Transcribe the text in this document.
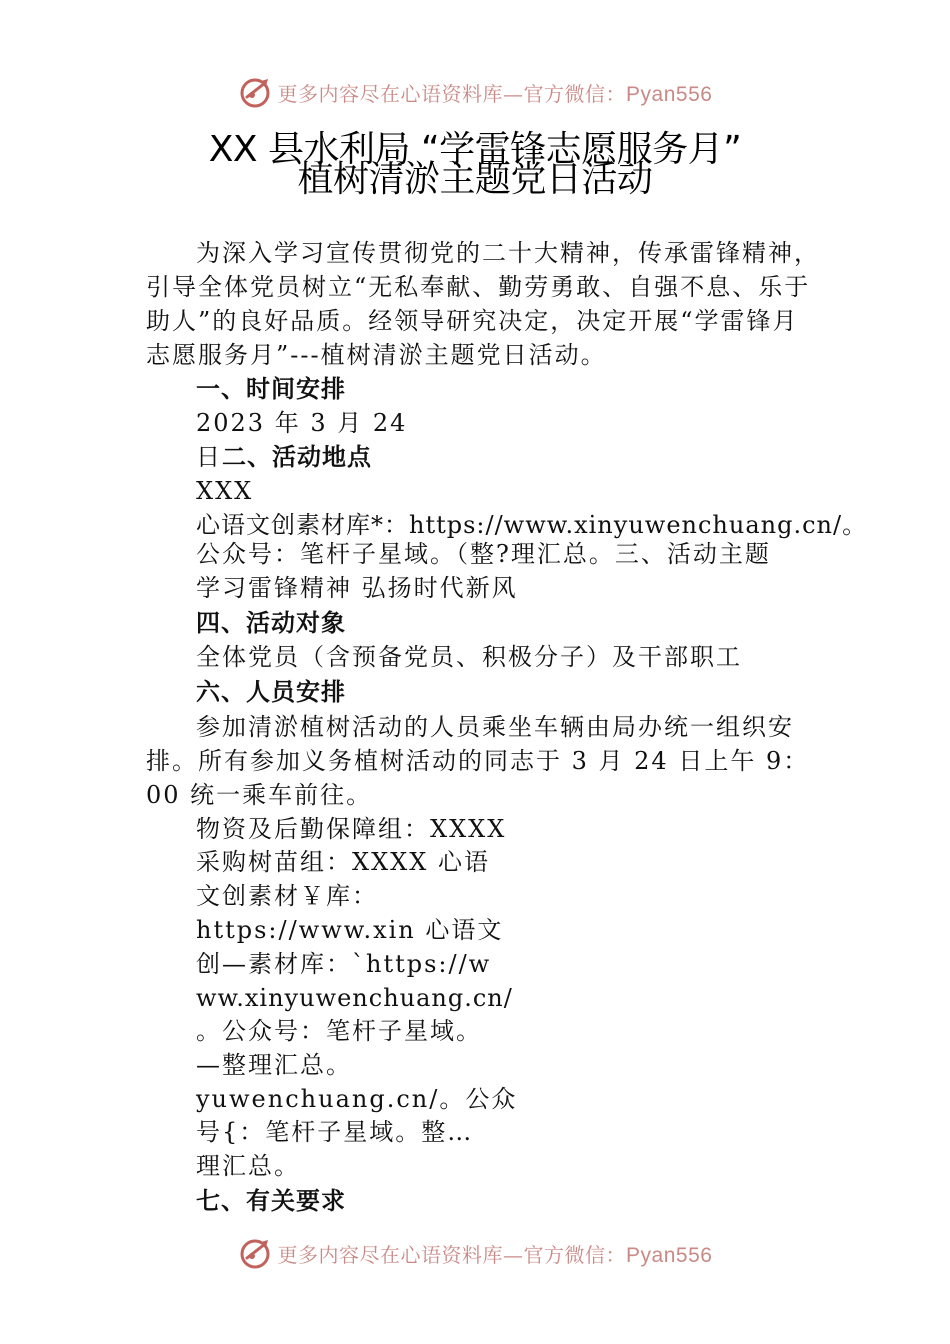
更多内容尽在心语资料库—官方微信：Pyan556
XX 县水利局 “学雷锋志愿服务月”
植树清淤主题党日活动
为深入学习宣传贯彻党的二十大精神，传承雷锋精神，
引导全体党员树立“无私奉献、勤劳勇敢、自强不息、乐于
助人”的良好品质。经领导研究决定，决定开展“学雷锋月
志愿服务月”---植树清淤主题党日活动。
一、时间安排
2023 年 3 月 24
日二、活动地点
XXX
心语文创素材库*：https://www.xinyuwenchuang.cn/。
公众号：笔杆子星域。（整?理汇总。三、活动主题
学习雷锋精神 弘扬时代新风
四、活动对象
全体党员（含预备党员、积极分子）及干部职工
六、人员安排
参加清淤植树活动的人员乘坐车辆由局办统一组织安
排。所有参加义务植树活动的同志于 3 月 24 日上午 9：
00 统一乘车前往。
物资及后勤保障组：XXXX
采购树苗组：XXXX 心语
文创素材￥库：
https://www.xin 心语文
创—素材库：`https://w
ww.xinyuwenchuang.cn/
。公众号：笔杆子星域。
—整理汇总。
yuwenchuang.cn/。公众
号{：笔杆子星域。整…
理汇总。
七、有关要求
更多内容尽在心语资料库—官方微信：Pyan556
